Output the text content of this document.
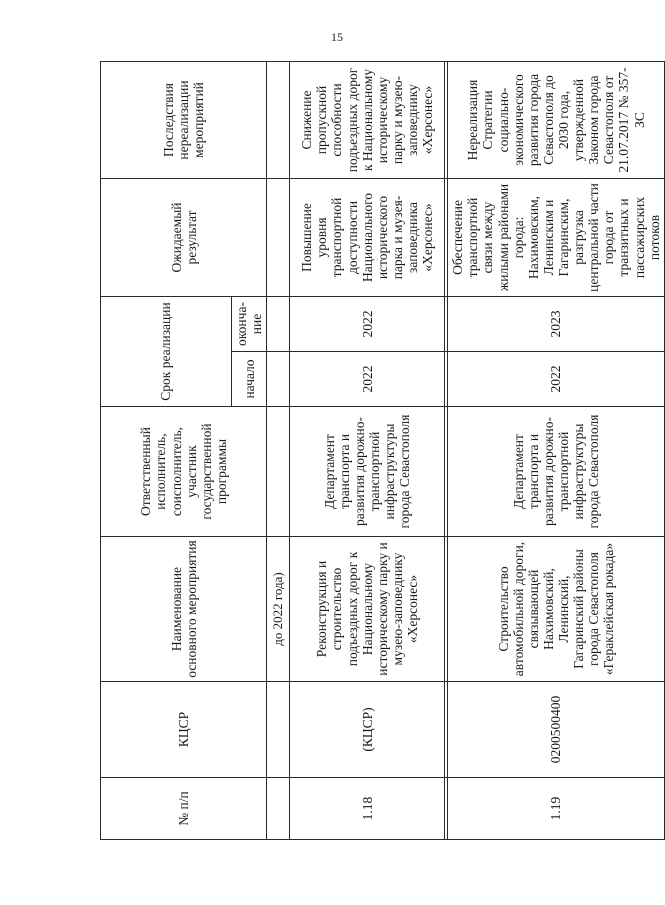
15
№ п/п	КЦСР	Наименование основного мероприятия	Ответственный исполнитель, соисполнитель, участник государственной программы	Срок реализации		Ожидаемый результат	Последствия нереализации мероприятий
				начало	оконча-ние		
		до 2022 года)					
1.18	(КЦСР)	Реконструкция и строительство подъездных дорог к Национальному историческому парку и музею-заповеднику «Херсонес»	Департамент транспорта и развития дорожно-транспортной инфраструктуры города Севастополя	2022	2022	Повышение уровня транспортной доступности Национального исторического парка и музея-заповедника «Херсонес»	Снижение пропускной способности подъездных дорог к Национальному историческому парку и музею-заповеднику «Херсонес»

1.19	0200500400	Строительство автомобильной дороги, связывающей Нахимовский, Ленинский, Гагаринский районы города Севастополя «Гераклейская рокада»	Департамент транспорта и развития дорожно-транспортной инфраструктуры города Севастополя	2022	2023	Обеспечение транспортной связи между жилыми районами города: Нахимовским, Ленинским и Гагаринским, разгрузка центральной части города от транзитных и пассажирских потоков	Нереализация Стратегии социально-экономического развития города Севастополя до 2030 года, утвержденной Законом города Севастополя от 21.07.2017 № 357-ЗС
